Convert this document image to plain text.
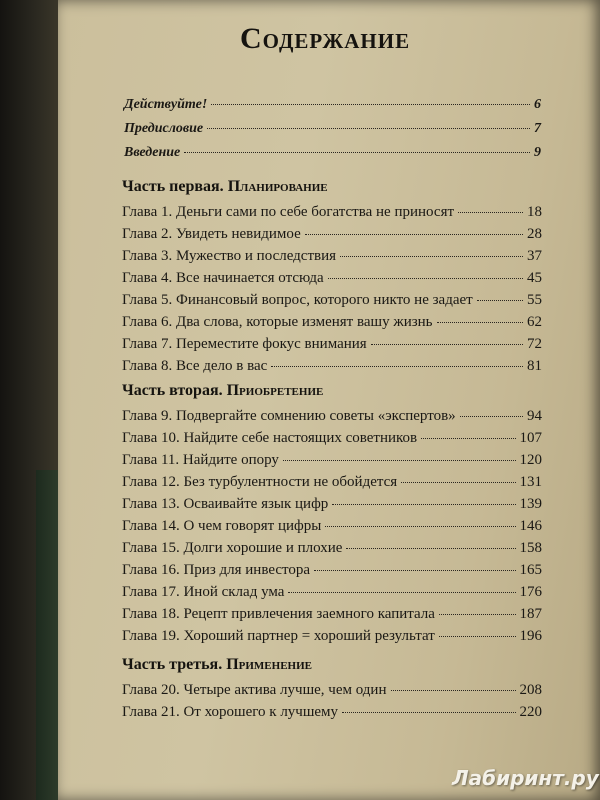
Содержание
Действуйте!	6
Предисловие	7
Введение	9
Часть первая. Планирование
Глава 1. Деньги сами по себе богатства не приносят	18
Глава 2. Увидеть невидимое	28
Глава 3. Мужество и последствия	37
Глава 4. Все начинается отсюда	45
Глава 5. Финансовый вопрос, которого никто не задает	55
Глава 6. Два слова, которые изменят вашу жизнь	62
Глава 7. Переместите фокус внимания	72
Глава 8. Все дело в вас	81
Часть вторая. Приобретение
Глава 9. Подвергайте сомнению советы «экспертов»	94
Глава 10. Найдите себе настоящих советников	107
Глава 11. Найдите опору	120
Глава 12. Без турбулентности не обойдется	131
Глава 13. Осваивайте язык цифр	139
Глава 14. О чем говорят цифры	146
Глава 15. Долги хорошие и плохие	158
Глава 16. Приз для инвестора	165
Глава 17. Иной склад ума	176
Глава 18. Рецепт привлечения заемного капитала	187
Глава 19. Хороший партнер = хороший результат	196
Часть третья. Применение
Глава 20. Четыре актива лучше, чем один	208
Глава 21. От хорошего к лучшему	220
Лабиринт.ру
